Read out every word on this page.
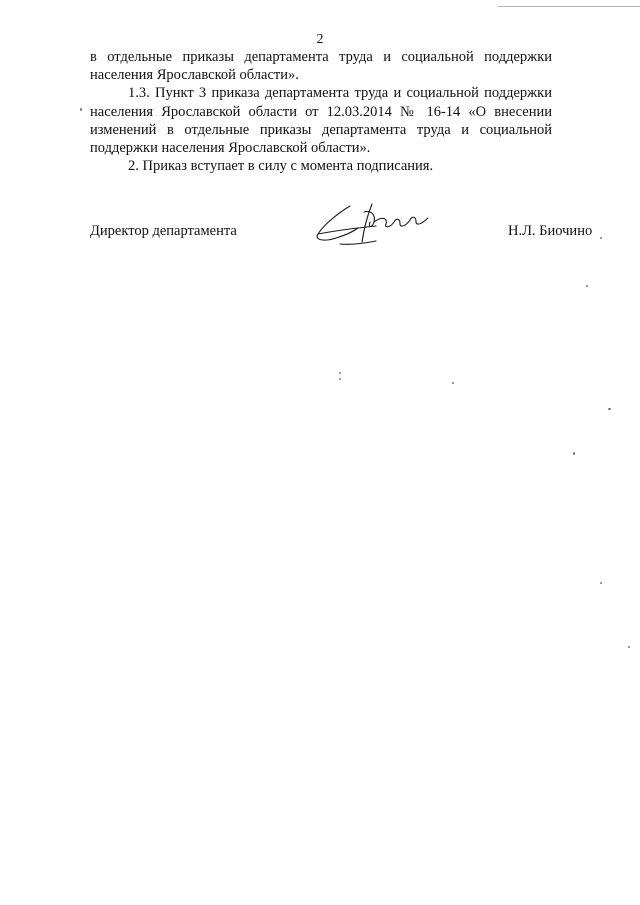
2

в отдельные приказы департамента труда и социальной поддержки населения Ярославской области».

1.3. Пункт 3 приказа департамента труда и социальной поддержки населения Ярославской области от 12.03.2014 № 16-14 «О внесении изменений в отдельные приказы департамента труда и социальной поддержки населения Ярославской области».

2. Приказ вступает в силу с момента подписания.

Директор департамента	Н.Л. Биочино
